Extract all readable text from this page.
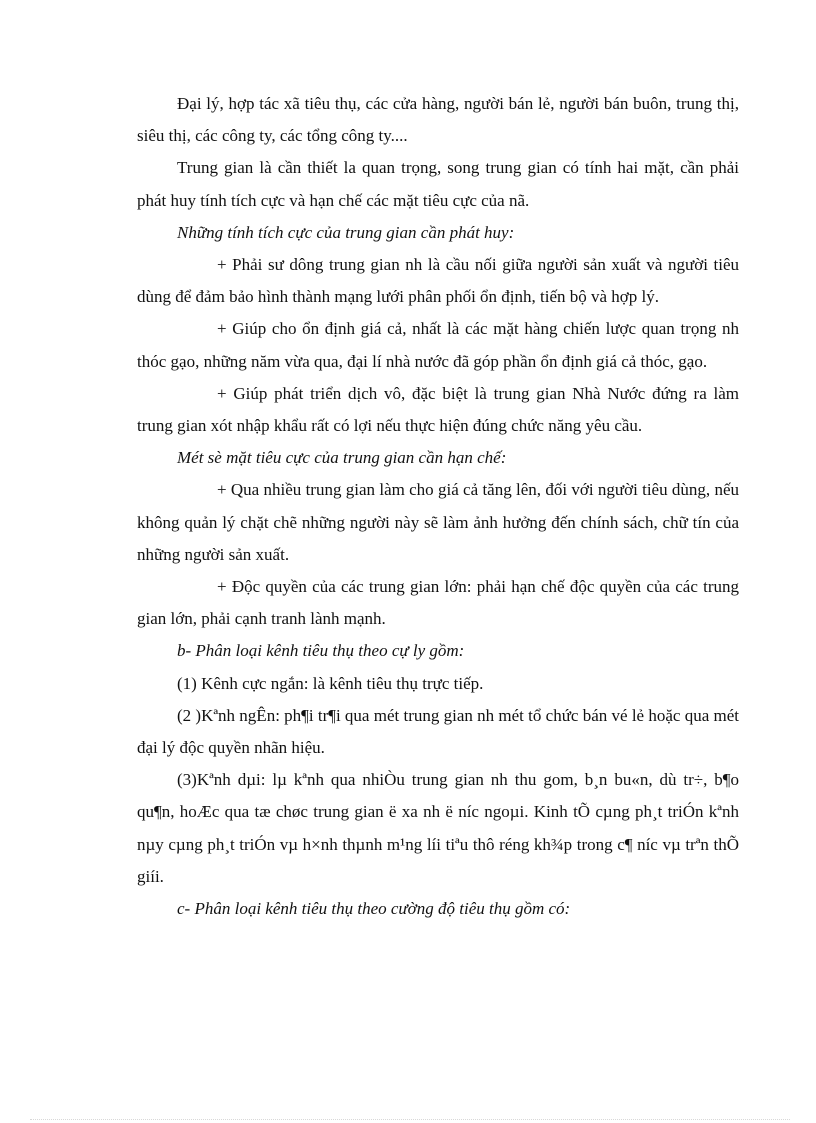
Đại lý, hợp tác xã tiêu thụ, các cửa hàng, người bán lẻ, người bán buôn, trung thị, siêu thị, các công ty, các tổng công ty....

Trung gian là cần thiết la quan trọng, song trung gian có tính hai mặt, cần phải phát huy tính tích cực và hạn chế các mặt tiêu cực của nã.

Những tính tích cực của trung gian cần phát huy:

+ Phải sư dông trung gian nh là cầu nối giữa người sản xuất và người tiêu dùng để đảm bảo hình thành mạng lưới phân phối ổn định, tiến bộ và hợp lý.

+ Giúp cho ổn định giá cả, nhất là các mặt hàng chiến lược quan trọng nh thóc gạo, những năm vừa qua, đại lí nhà nước đã góp phần ổn định giá cả thóc, gạo.

+ Giúp phát triển dịch vô, đặc biệt là trung gian Nhà Nước đứng ra làm trung gian xót nhập khẩu rất có lợi nếu thực hiện đúng chức năng yêu cầu.

Mét sè mặt tiêu cực của trung gian cần hạn chế:

+ Qua nhiều trung gian làm cho giá cả tăng lên, đối với người tiêu dùng, nếu không quản lý chặt chẽ những người này sẽ làm ảnh hưởng đến chính sách, chữ tín của những người sản xuất.

+ Độc quyền của các trung gian lớn: phải hạn chế độc quyền của các trung gian lớn, phải cạnh tranh lành mạnh.

b- Phân loại kênh tiêu thụ theo cự ly gồm:

(1) Kênh cực ngắn: là kênh tiêu thụ trực tiếp.

(2 )Kªnh ngÊn: ph¶i tr¶i qua mét trung gian nh mét tổ chức bán vé lẻ hoặc qua mét đại lý độc quyền nhãn hiệu.

(3)Kªnh dµi: lµ kªnh qua nhiÒu trung gian nh thu gom, b¸n bu«n, dù tr÷, b¶o qu¶n, hoÆc qua tæ chøc trung gian ë xa nh ë níc ngoµi. Kinh tÕ cµng ph¸t triÓn kªnh nµy cµng ph¸t triÓn vµ h×nh thµnh m¹ng líi tiªu thô réng kh¾p trong c¶ níc vµ trªn thÕ giíi.

c- Phân loại kênh tiêu thụ theo cường độ tiêu thụ gồm có:
